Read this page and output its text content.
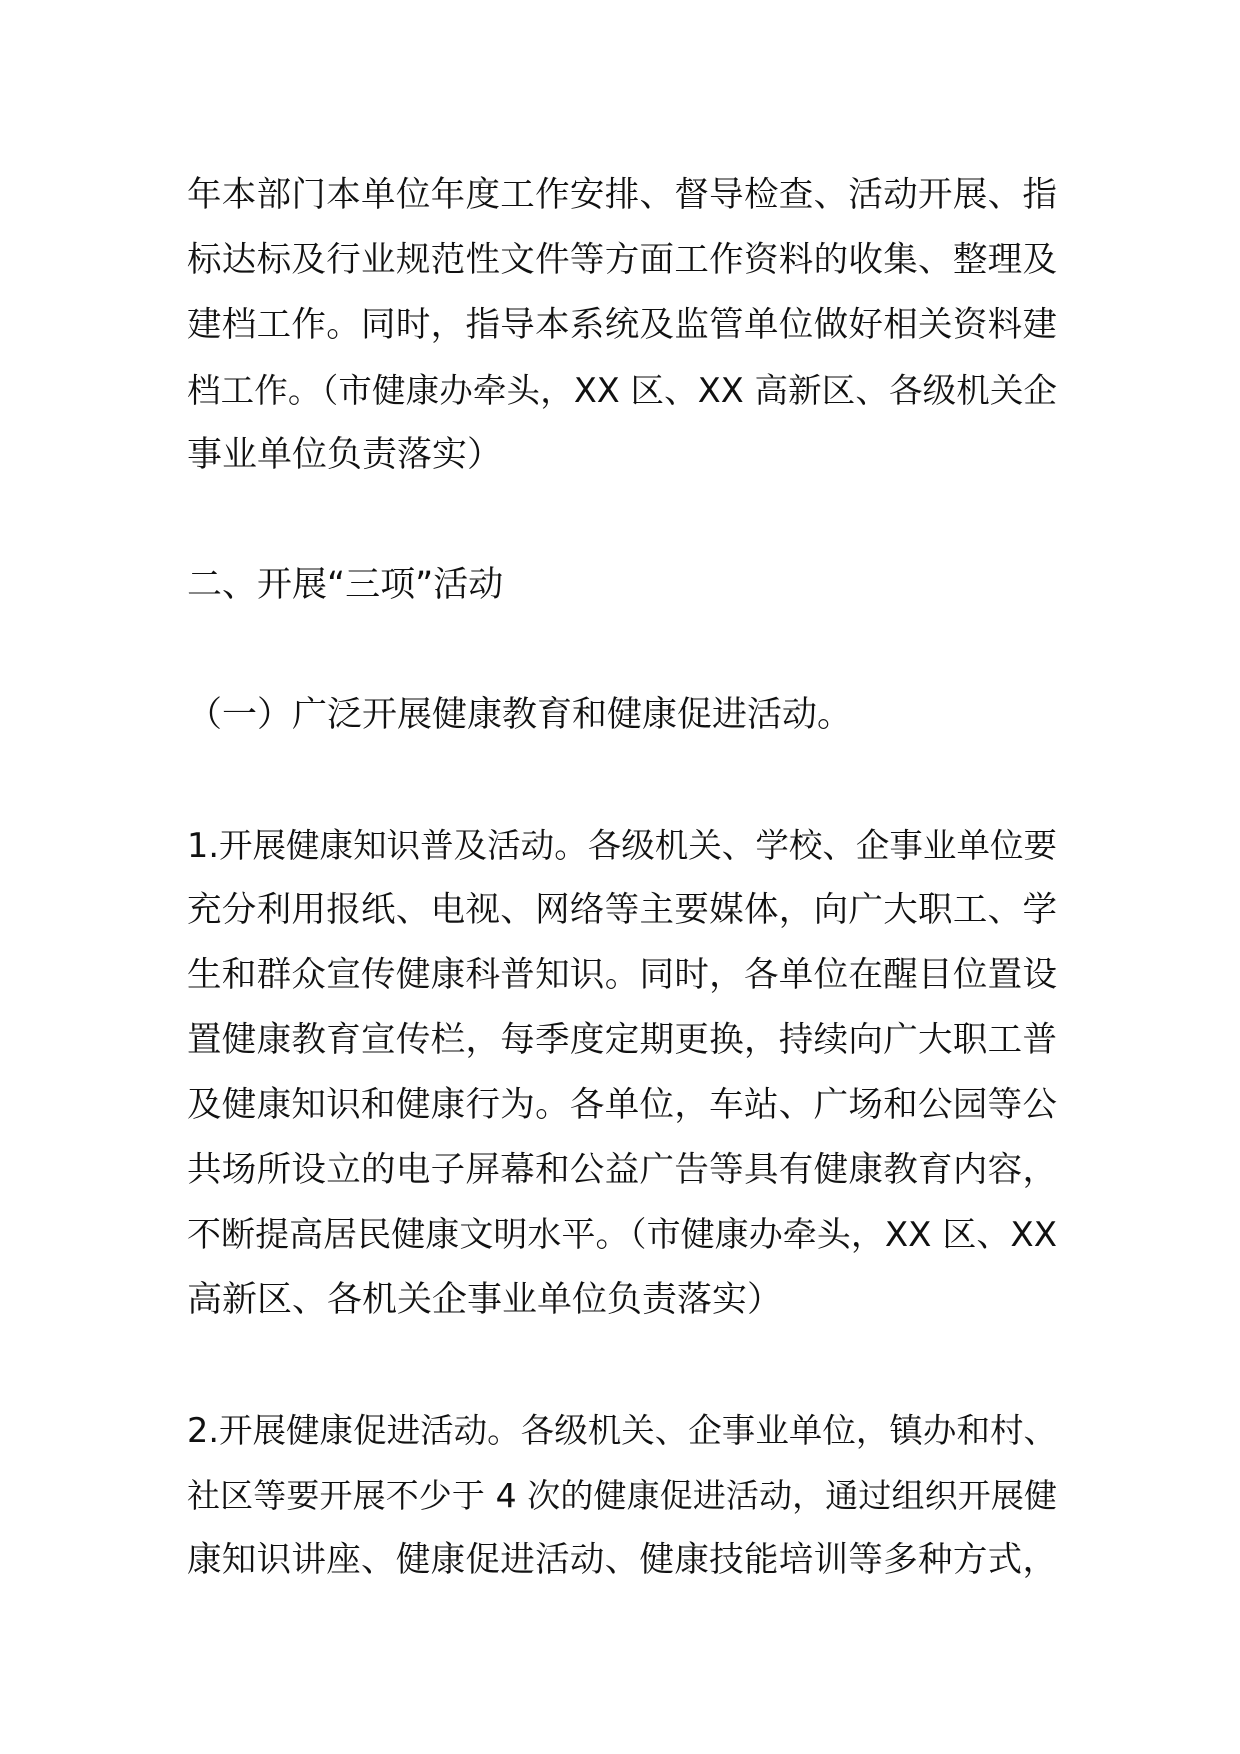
年本部门本单位年度工作安排、督导检查、活动开展、指
标达标及行业规范性文件等方面工作资料的收集、整理及
建档工作。同时，指导本系统及监管单位做好相关资料建
档工作。（市健康办牵头，XX 区、XX 高新区、各级机关企
事业单位负责落实）
二、开展“三项”活动
（一）广泛开展健康教育和健康促进活动。
1.开展健康知识普及活动。各级机关、学校、企事业单位要
充分利用报纸、电视、网络等主要媒体，向广大职工、学
生和群众宣传健康科普知识。同时，各单位在醒目位置设
置健康教育宣传栏，每季度定期更换，持续向广大职工普
及健康知识和健康行为。各单位，车站、广场和公园等公
共场所设立的电子屏幕和公益广告等具有健康教育内容，
不断提高居民健康文明水平。（市健康办牵头，XX 区、XX
高新区、各机关企事业单位负责落实）
2.开展健康促进活动。各级机关、企事业单位，镇办和村、
社区等要开展不少于 4 次的健康促进活动，通过组织开展健
康知识讲座、健康促进活动、健康技能培训等多种方式，
